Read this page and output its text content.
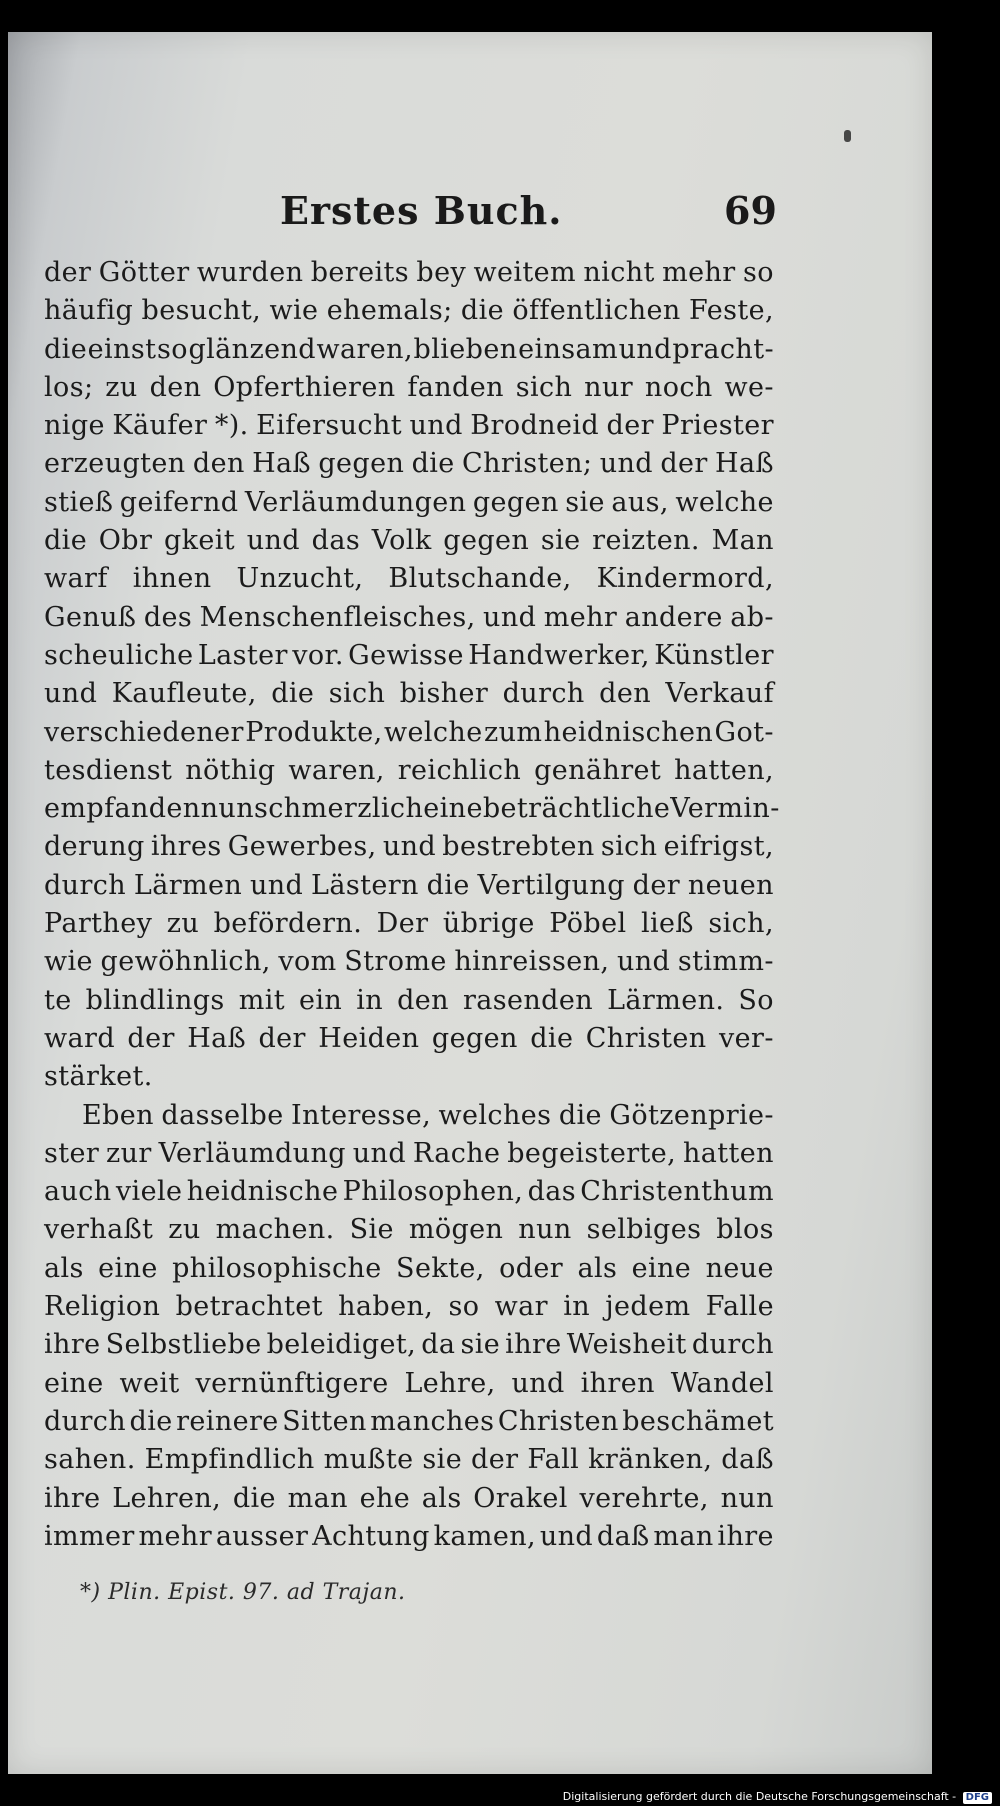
Erstes Buch.	69
der Götter wurden bereits bey weitem nicht mehr so
häufig besucht, wie ehemals; die öffentlichen Feste,
die einst so glänzend waren, blieben einsam und pracht-
los; zu den Opferthieren fanden sich nur noch we-
nige Käufer *). Eifersucht und Brodneid der Priester
erzeugten den Haß gegen die Christen; und der Haß
stieß geifernd Verläumdungen gegen sie aus, welche
die Obr gkeit und das Volk gegen sie reizten. Man
warf ihnen Unzucht, Blutschande, Kindermord,
Genuß des Menschenfleisches, und mehr andere ab-
scheuliche Laster vor. Gewisse Handwerker, Künstler
und Kaufleute, die sich bisher durch den Verkauf
verschiedener Produkte, welche zum heidnischen Got-
tesdienst nöthig waren, reichlich genähret hatten,
empfanden nun schmerzlich eine beträchtliche Vermin-
derung ihres Gewerbes, und bestrebten sich eifrigst,
durch Lärmen und Lästern die Vertilgung der neuen
Parthey zu befördern. Der übrige Pöbel ließ sich,
wie gewöhnlich, vom Strome hinreissen, und stimm-
te blindlings mit ein in den rasenden Lärmen. So
ward der Haß der Heiden gegen die Christen ver-
stärket.
Eben dasselbe Interesse, welches die Götzenprie-
ster zur Verläumdung und Rache begeisterte, hatten
auch viele heidnische Philosophen, das Christenthum
verhaßt zu machen. Sie mögen nun selbiges blos
als eine philosophische Sekte, oder als eine neue
Religion betrachtet haben, so war in jedem Falle
ihre Selbstliebe beleidiget, da sie ihre Weisheit durch
eine weit vernünftigere Lehre, und ihren Wandel
durch die reinere Sitten manches Christen beschämet
sahen. Empfindlich mußte sie der Fall kränken, daß
ihre Lehren, die man ehe als Orakel verehrte, nun
immer mehr ausser Achtung kamen, und daß man ihre
*) Plin. Epist. 97. ad Trajan.
Digitalisierung gefördert durch die Deutsche Forschungsgemeinschaft - DFG
